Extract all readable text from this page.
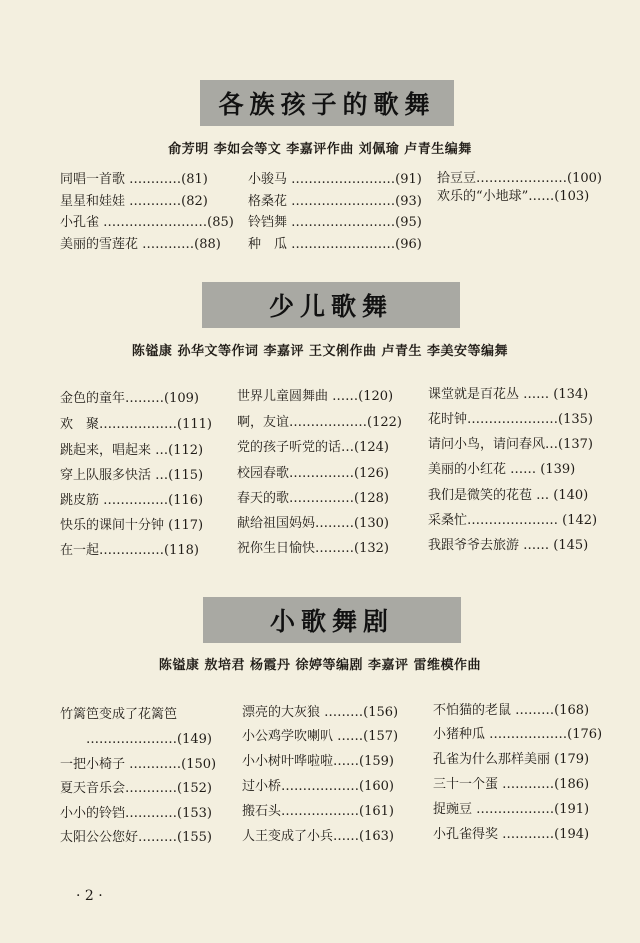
各族孩子的歌舞
俞芳明 李如会等文 李嘉评作曲 刘佩瑜 卢青生编舞
同唱一首歌 …………(81)
星星和娃娃 …………(82)
小孔雀 ……………………(85)
美丽的雪莲花 …………(88)
小骏马 ……………………(91)
格桑花 ……………………(93)
铃铛舞 ……………………(95)
种　瓜 ……………………(96)
拾豆豆…………………(100)
欢乐的“小地球”……(103)
少儿歌舞
陈镒康 孙华文等作词 李嘉评 王文俐作曲 卢青生 李美安等编舞
金色的童年………(109)
欢　聚………………(111)
跳起来，唱起来 …(112)
穿上队服多快活 …(115)
跳皮筋 ……………(116)
快乐的课间十分钟 (117)
在一起……………(118)
世界儿童圆舞曲 ……(120)
啊，友谊………………(122)
党的孩子听党的话…(124)
校园春歌……………(126)
春天的歌……………(128)
献给祖国妈妈………(130)
祝你生日愉快………(132)
课堂就是百花丛 …… (134)
花时钟…………………(135)
请问小鸟，请问春风…(137)
美丽的小红花 …… (139)
我们是微笑的花苞 … (140)
采桑忙………………… (142)
我跟爷爷去旅游 …… (145)
小歌舞剧
陈镒康 敖培君 杨霞丹 徐婷等编剧 李嘉评 雷维模作曲
竹篱笆变成了花篱笆
…………………(149)
一把小椅子 …………(150)
夏天音乐会…………(152)
小小的铃铛…………(153)
太阳公公您好………(155)
漂亮的大灰狼 ………(156)
小公鸡学吹喇叭 ……(157)
小小树叶哗啦啦……(159)
过小桥………………(160)
搬石头………………(161)
人王变成了小兵……(163)
不怕猫的老鼠 ………(168)
小猪种瓜 ………………(176)
孔雀为什么那样美丽 (179)
三十一个蛋 …………(186)
捉豌豆 ………………(191)
小孔雀得奖 …………(194)
· 2 ·
